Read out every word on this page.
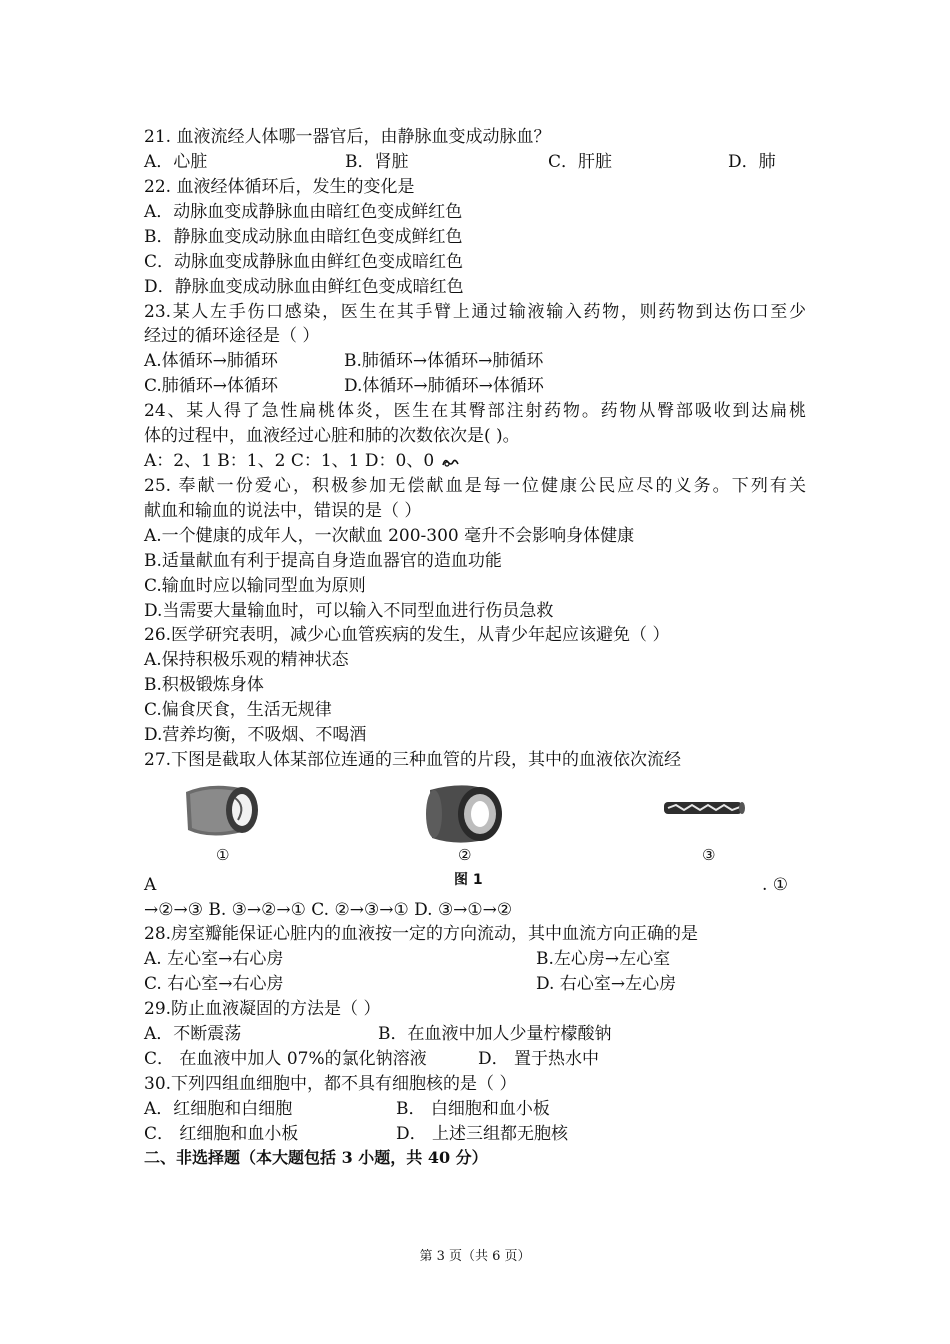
21. 血液流经人体哪一器官后，由静脉血变成动脉血？
A．心脏	B．肾脏	C．肝脏	D．肺
22. 血液经体循环后，发生的变化是
A．动脉血变成静脉血由暗红色变成鲜红色
B．静脉血变成动脉血由暗红色变成鲜红色
C．动脉血变成静脉血由鲜红色变成暗红色
D．静脉血变成动脉血由鲜红色变成暗红色
23.某人左手伤口感染，医生在其手臂上通过输液输入药物，则药物到达伤口至少
经过的循环途径是（ ）
A.体循环→肺循环	B.肺循环→体循环→肺循环
C.肺循环→体循环	D.体循环→肺循环→体循环
24、某人得了急性扁桃体炎，医生在其臀部注射药物。药物从臀部吸收到达扁桃
体的过程中，血液经过心脏和肺的次数依次是( )。
A：2、1 B：1、2 C：1、1 D：0、0
25. 奉献一份爱心，积极参加无偿献血是每一位健康公民应尽的义务。下列有关
献血和输血的说法中，错误的是（ ）
A.一个健康的成年人，一次献血 200-300 毫升不会影响身体健康
B.适量献血有利于提高自身造血器官的造血功能
C.输血时应以输同型血为原则
D.当需要大量输血时，可以输入不同型血进行伤员急救
26.医学研究表明，减少心血管疾病的发生，从青少年起应该避免（ ）
A.保持积极乐观的精神状态
B.积极锻炼身体
C.偏食厌食，生活无规律
D.营养均衡，不吸烟、不喝酒
27.下图是截取人体某部位连通的三种血管的片段，其中的血液依次流经
①	②	③
图 1
A	. ①
→②→③ B. ③→②→① C. ②→③→① D. ③→①→②
28.房室瓣能保证心脏内的血液按一定的方向流动，其中血流方向正确的是
A. 左心室→右心房	B.左心房→左心室
C. 右心室→右心房	D. 右心室→左心房
29.防止血液凝固的方法是（ ）
A．不断震荡	B．在血液中加人少量柠檬酸钠
C． 在血液中加人 07%的氯化钠溶液	D． 置于热水中
30.下列四组血细胞中，都不具有细胞核的是（ ）
A．红细胞和白细胞	B． 白细胞和血小板
C． 红细胞和血小板	D． 上述三组都无胞核
二、非选择题（本大题包括 3 小题，共 40 分）
第 3 页（共 6 页）
